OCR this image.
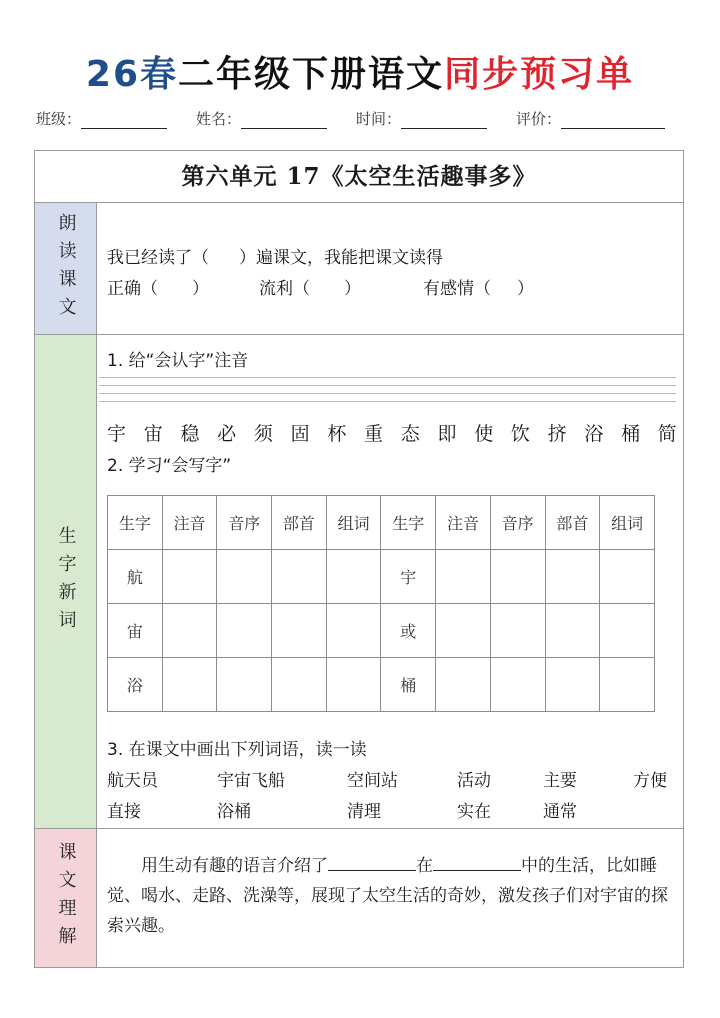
26春二年级下册语文同步预习单
班级：	姓名：	时间：	评价：
第六单元 17《太空生活趣事多》
朗读课文 我已经读了（ ）遍课文，我能把课文读得
正确（ ）	流利（ ）	有感情（ ）
生字新词
1. 给“会认字”注音
宇 宙 稳 必 须 固 杯 重 态 即 使 饮 挤 浴 桶 简
2. 学习“会写字”
生字	注音	音序	部首	组词	生字	注音	音序	部首	组词
航					宇				
宙					或				
浴					桶				
3. 在课文中画出下列词语，读一读
航天员	宇宙飞船	空间站	活动	主要	方便
直接	浴桶	清理	实在	通常
课文理解	用生动有趣的语言介绍了	在	中的生活，比如睡觉、喝水、走路、洗澡等，展现了太空生活的奇妙，激发孩子们对宇宙的探索兴趣。
